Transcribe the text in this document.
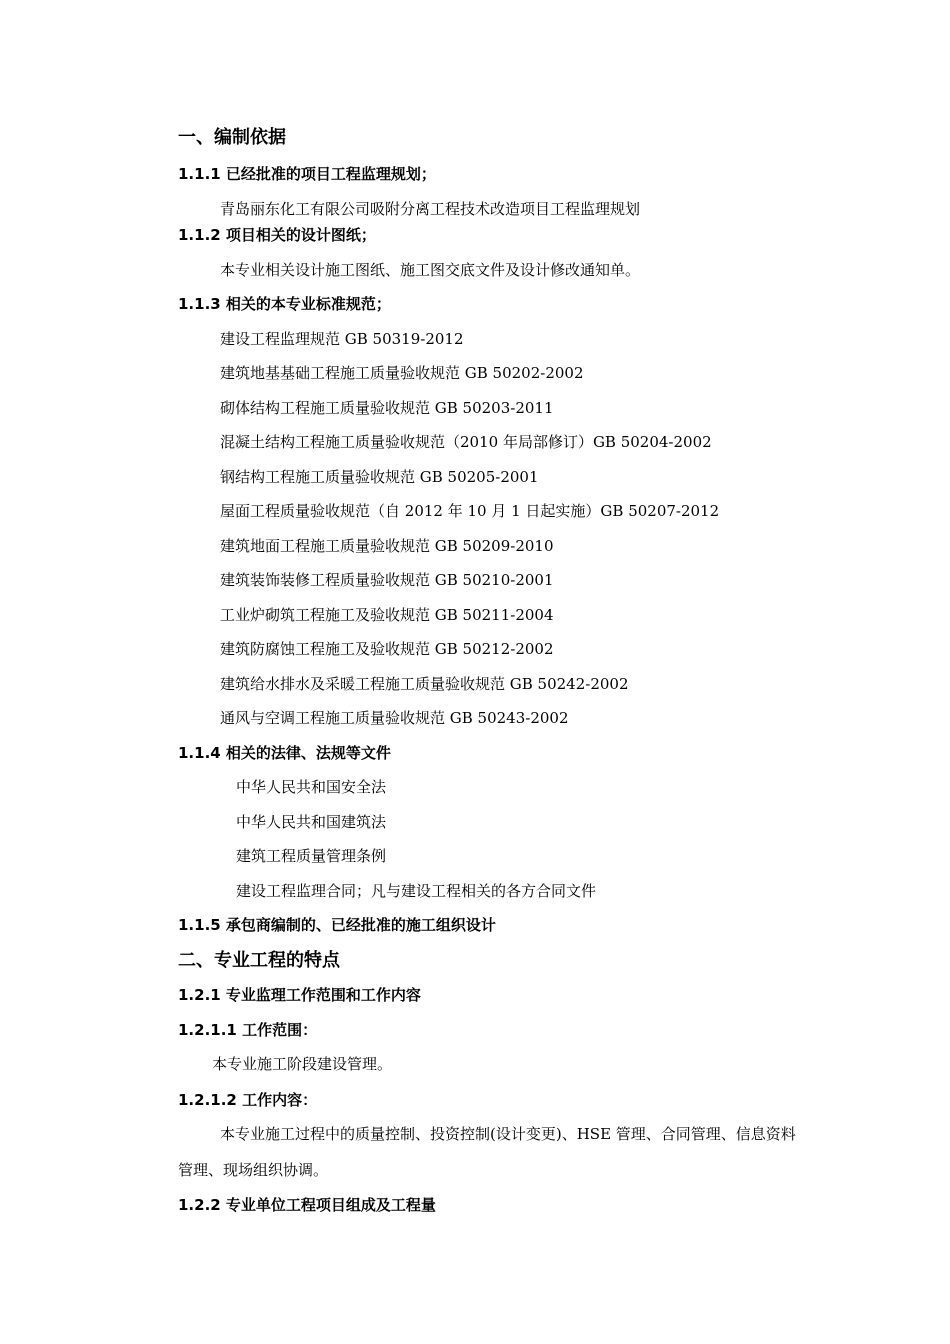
一、编制依据
1.1.1 已经批准的项目工程监理规划；
青岛丽东化工有限公司吸附分离工程技术改造项目工程监理规划
1.1.2 项目相关的设计图纸；
本专业相关设计施工图纸、施工图交底文件及设计修改通知单。
1.1.3 相关的本专业标准规范；
建设工程监理规范 GB 50319-2012
建筑地基基础工程施工质量验收规范 GB 50202-2002
砌体结构工程施工质量验收规范 GB 50203-2011
混凝土结构工程施工质量验收规范（2010 年局部修订）GB 50204-2002
钢结构工程施工质量验收规范 GB 50205-2001
屋面工程质量验收规范（自 2012 年 10 月 1 日起实施）GB 50207-2012
建筑地面工程施工质量验收规范 GB 50209-2010
建筑装饰装修工程质量验收规范 GB 50210-2001
工业炉砌筑工程施工及验收规范 GB 50211-2004
建筑防腐蚀工程施工及验收规范 GB 50212-2002
建筑给水排水及采暖工程施工质量验收规范 GB 50242-2002
通风与空调工程施工质量验收规范 GB 50243-2002
1.1.4 相关的法律、法规等文件
中华人民共和国安全法
中华人民共和国建筑法
建筑工程质量管理条例
建设工程监理合同；凡与建设工程相关的各方合同文件
1.1.5 承包商编制的、已经批准的施工组织设计
二、专业工程的特点
1.2.1 专业监理工作范围和工作内容
1.2.1.1 工作范围：
本专业施工阶段建设管理。
1.2.1.2 工作内容：
本专业施工过程中的质量控制、投资控制(设计变更)、HSE 管理、合同管理、信息资料
管理、现场组织协调。
1.2.2 专业单位工程项目组成及工程量
